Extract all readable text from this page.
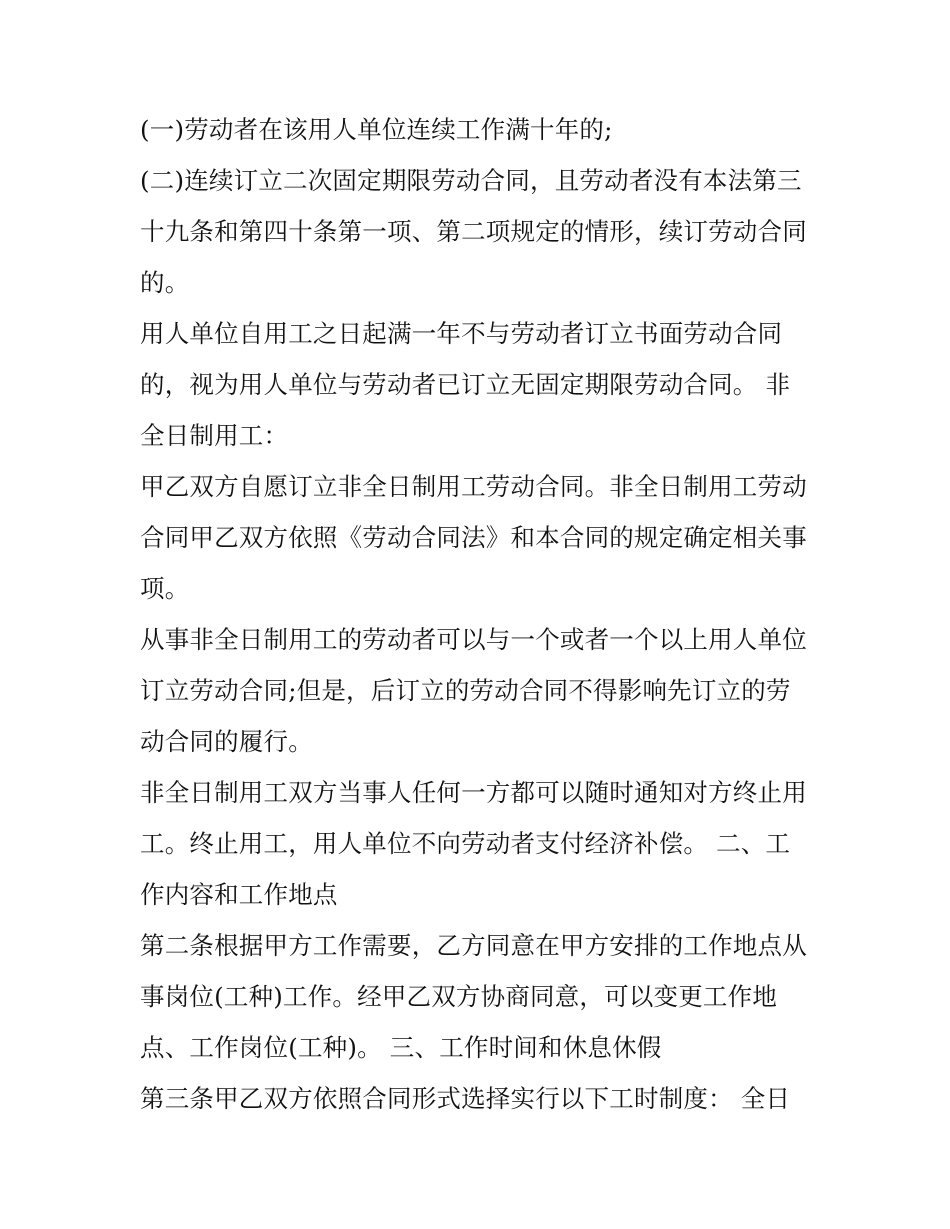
(一)劳动者在该用人单位连续工作满十年的;
(二)连续订立二次固定期限劳动合同，且劳动者没有本法第三
十九条和第四十条第一项、第二项规定的情形，续订劳动合同
的。
用人单位自用工之日起满一年不与劳动者订立书面劳动合同
的，视为用人单位与劳动者已订立无固定期限劳动合同。 非
全日制用工：
甲乙双方自愿订立非全日制用工劳动合同。非全日制用工劳动
合同甲乙双方依照《劳动合同法》和本合同的规定确定相关事
项。
从事非全日制用工的劳动者可以与一个或者一个以上用人单位
订立劳动合同;但是，后订立的劳动合同不得影响先订立的劳
动合同的履行。
非全日制用工双方当事人任何一方都可以随时通知对方终止用
工。终止用工，用人单位不向劳动者支付经济补偿。 二、工
作内容和工作地点
第二条根据甲方工作需要，乙方同意在甲方安排的工作地点从
事岗位(工种)工作。经甲乙双方协商同意，可以变更工作地
点、工作岗位(工种)。 三、工作时间和休息休假
第三条甲乙双方依照合同形式选择实行以下工时制度： 全日
